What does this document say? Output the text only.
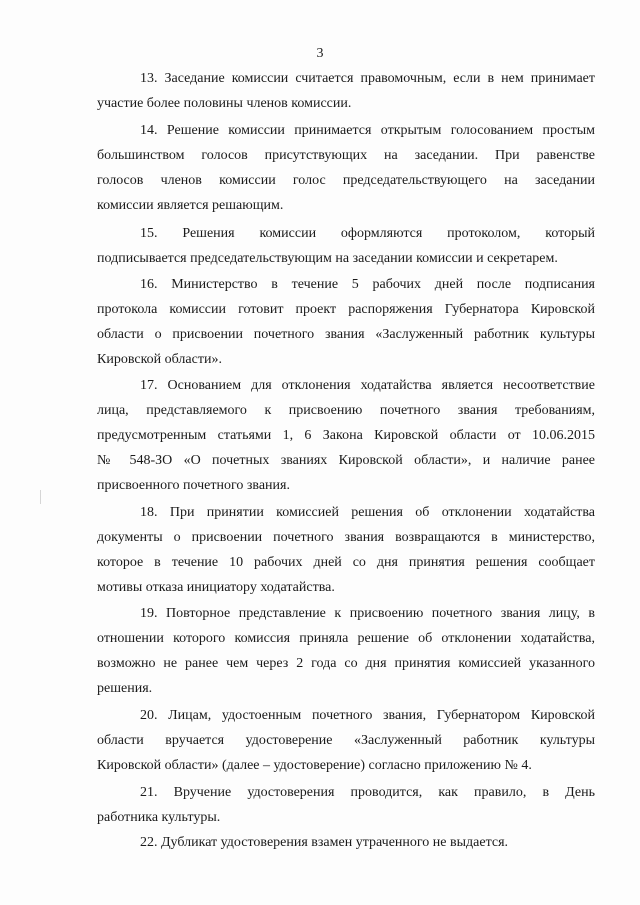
3
13. Заседание комиссии считается правомочным, если в нем принимает
участие более половины членов комиссии.
14. Решение комиссии принимается открытым голосованием простым
большинством голосов присутствующих на заседании. При равенстве
голосов членов комиссии голос председательствующего на заседании
комиссии является решающим.
15. Решения комиссии оформляются протоколом, который
подписывается председательствующим на заседании комиссии и секретарем.
16. Министерство в течение 5 рабочих дней после подписания
протокола комиссии готовит проект распоряжения Губернатора Кировской
области о присвоении почетного звания «Заслуженный работник культуры
Кировской области».
17. Основанием для отклонения ходатайства является несоответствие
лица, представляемого к присвоению почетного звания требованиям,
предусмотренным статьями 1, 6 Закона Кировской области от 10.06.2015
№ 548-ЗО «О почетных званиях Кировской области», и наличие ранее
присвоенного почетного звания.
18. При принятии комиссией решения об отклонении ходатайства
документы о присвоении почетного звания возвращаются в министерство,
которое в течение 10 рабочих дней со дня принятия решения сообщает
мотивы отказа инициатору ходатайства.
19. Повторное представление к присвоению почетного звания лицу, в
отношении которого комиссия приняла решение об отклонении ходатайства,
возможно не ранее чем через 2 года со дня принятия комиссией указанного
решения.
20. Лицам, удостоенным почетного звания, Губернатором Кировской
области вручается удостоверение «Заслуженный работник культуры
Кировской области» (далее – удостоверение) согласно приложению № 4.
21. Вручение удостоверения проводится, как правило, в День
работника культуры.
22. Дубликат удостоверения взамен утраченного не выдается.
